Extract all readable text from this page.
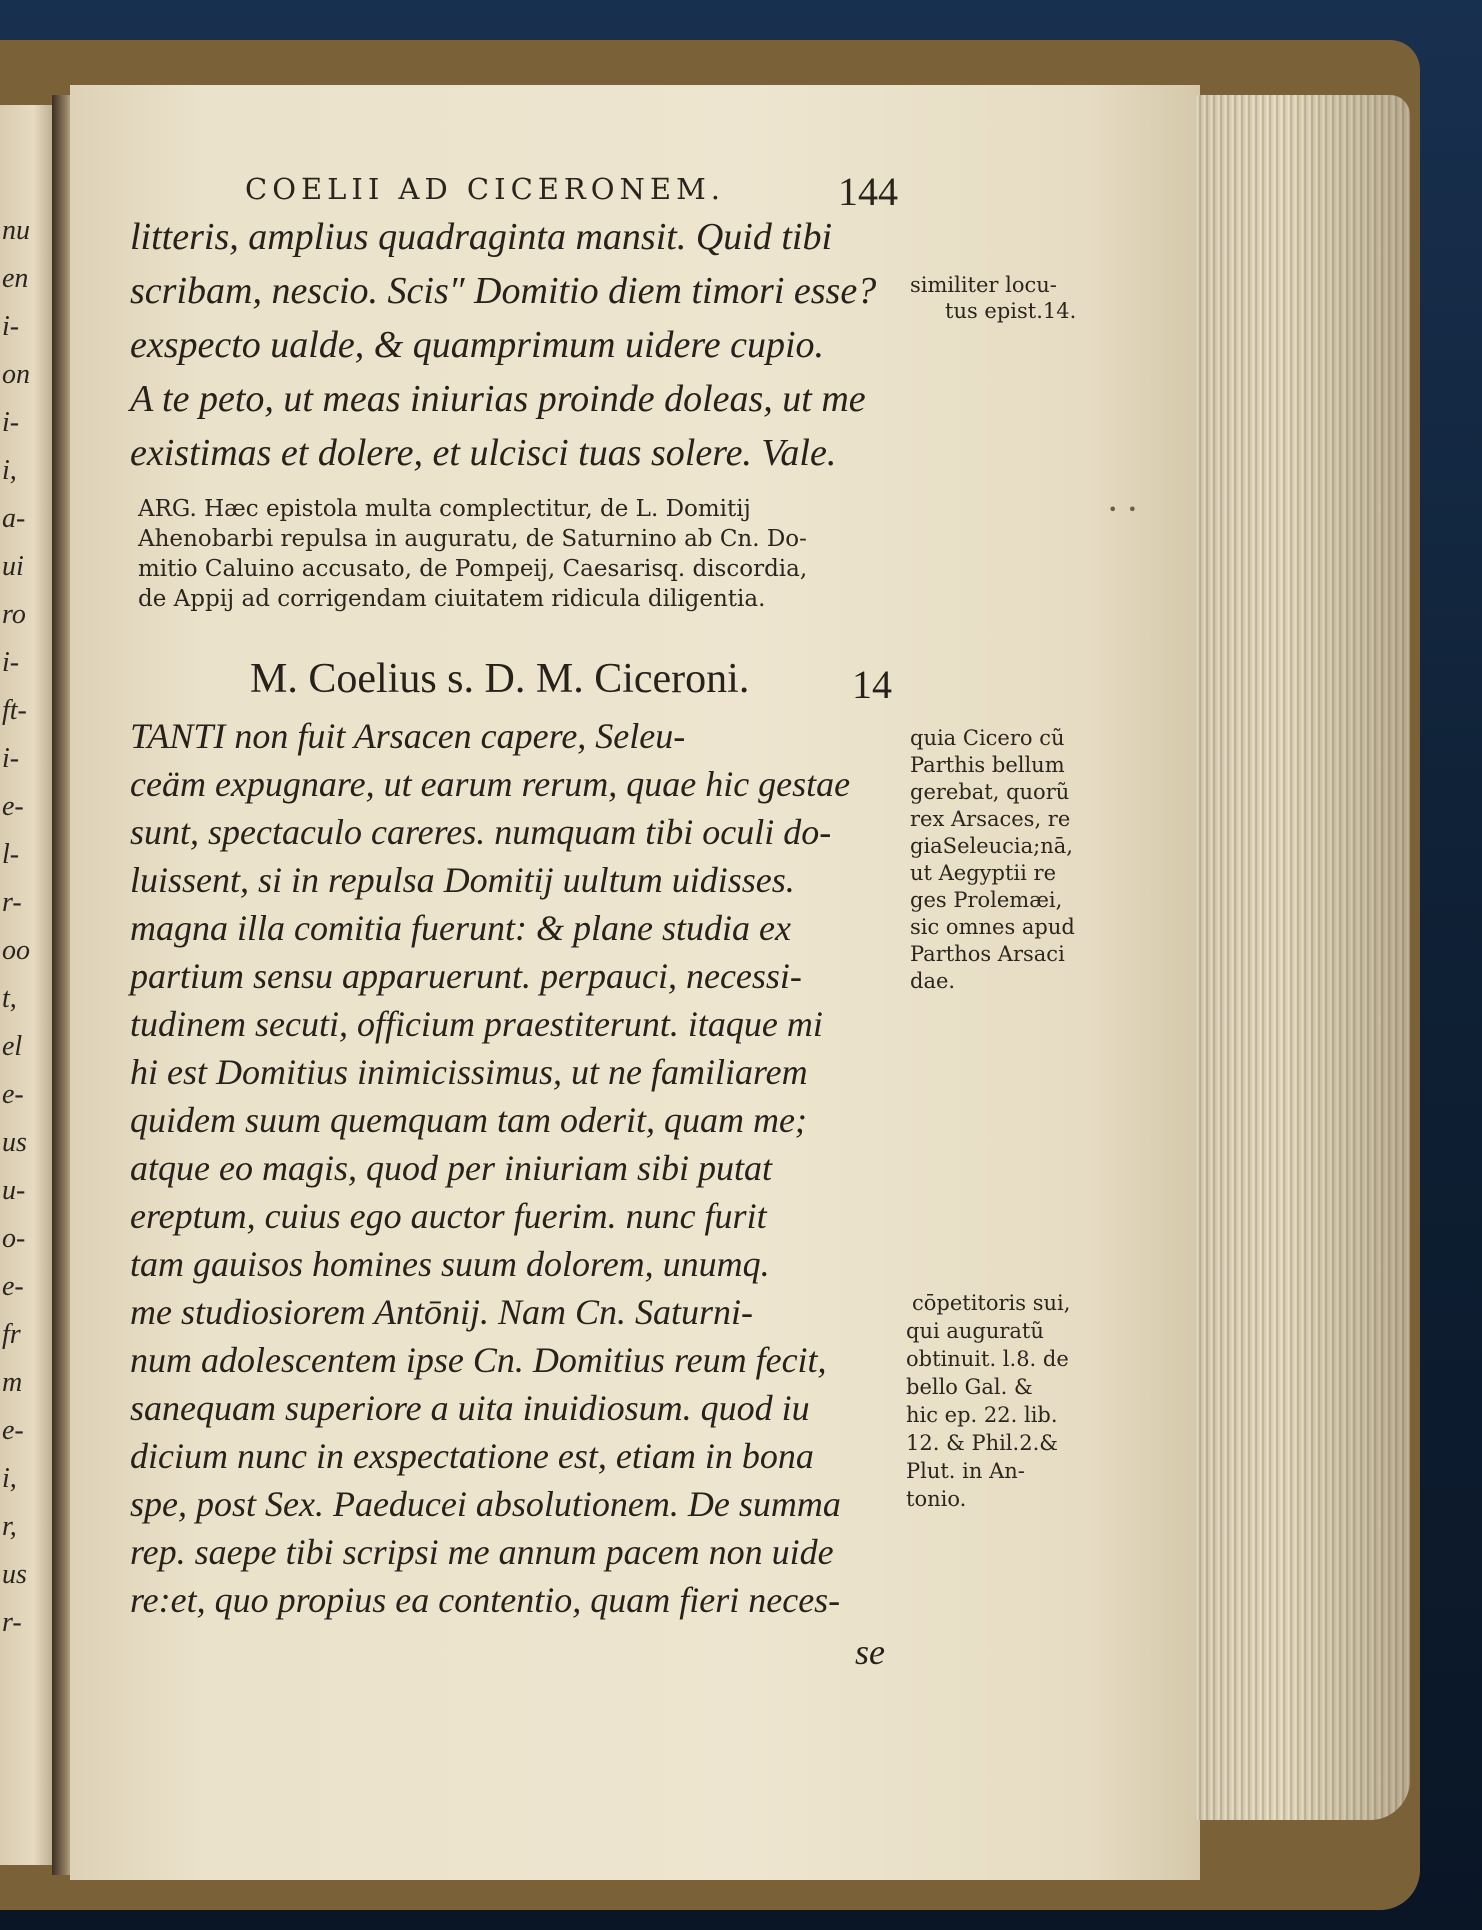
nu
en
i-
on
i-
i,
a-
ui
ro
i-
ft-
i-
e-
l-
r-
oo
t,
el
e-
us
u-
o-
e-
fr
m
e-
i,
r,
us
r-
COELII AD CICERONEM.	144
litteris, amplius quadraginta mansit. Quid tibi
scribam, nescio. Scis″ Domitio diem timori esse?
exspecto ualde, & quamprimum uidere cupio.
A te peto, ut meas iniurias proinde doleas, ut me
existimas et dolere, et ulcisci tuas solere. Vale.
ARG. Hæc epistola multa complectitur, de L. Domitij
Ahenobarbi repulsa in auguratu, de Saturnino ab Cn. Do-
mitio Caluino accusato, de Pompeij, Caesarisq. discordia,
de Appij ad corrigendam ciuitatem ridicula diligentia.
•  •
M. Coelius s. D. M. Ciceroni.	14
TANTI non fuit Arsacen capere, Seleu-
ceäm expugnare, ut earum rerum, quae hic gestae
sunt, spectaculo careres. numquam tibi oculi do-
luissent, si in repulsa Domitij uultum uidisses.
magna illa comitia fuerunt: & plane studia ex
partium sensu apparuerunt. perpauci, necessi-
tudinem secuti, officium praestiterunt. itaque mi
hi est Domitius inimicissimus, ut ne familiarem
quidem suum quemquam tam oderit, quam me;
atque eo magis, quod per iniuriam sibi putat
ereptum, cuius ego auctor fuerim. nunc furit
tam gauisos homines suum dolorem, unumq.
me studiosiorem Antōnij. Nam Cn. Saturni-
num adolescentem ipse Cn. Domitius reum fecit,
sanequam superiore a uita inuidiosum. quod iu
dicium nunc in exspectatione est, etiam in bona
spe, post Sex. Paeducei absolutionem. De summa
rep. saepe tibi scripsi me annum pacem non uide
re:et, quo propius ea contentio, quam fieri neces-
se
similiter locu-
tus epist.14.
quia Cicero cũ
Parthis bellum
gerebat, quorũ
rex Arsaces, re
giaSeleucia;nā,
ut Aegyptii re
ges Prolemæi,
sic omnes apud
Parthos Arsaci
dae.
cōpetitoris sui,
qui auguratũ
obtinuit. l.8. de
bello Gal. &
hic ep. 22. lib.
12. & Phil.2.&
Plut. in An-
tonio.
